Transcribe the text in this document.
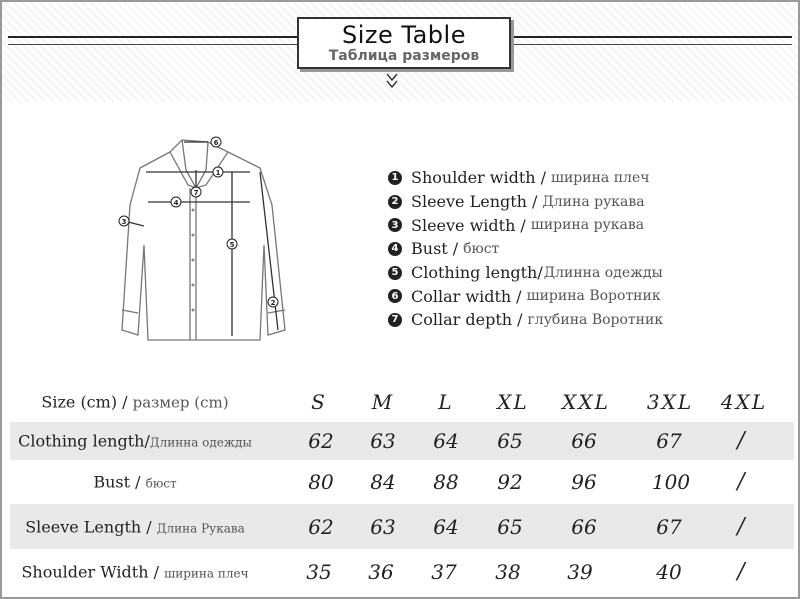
Size Table
Таблица размеров
6
1
7
4
5
2
3
1 Shoulder width / ширина плеч
2 Sleeve Length / Длина рукава
3 Sleeve width / ширина рукава
4 Bust / бюст
5 Clothing length / Длинна одежды
6 Collar width / ширина Воротник
7 Collar depth / глубина Воротник
Size (cm) / размер (cm)	S M L XL XXL 3XL 4XL
Clothing length/Длинна одежды	62 63 64 65 66	67	/
Bust / бюст	80 84 88 92 96	100 /
Sleeve Length / Длина Рукава	62 63 64 65 66	67	/
Shoulder Width / ширина плеч	35 36 37 38 39	40	/
